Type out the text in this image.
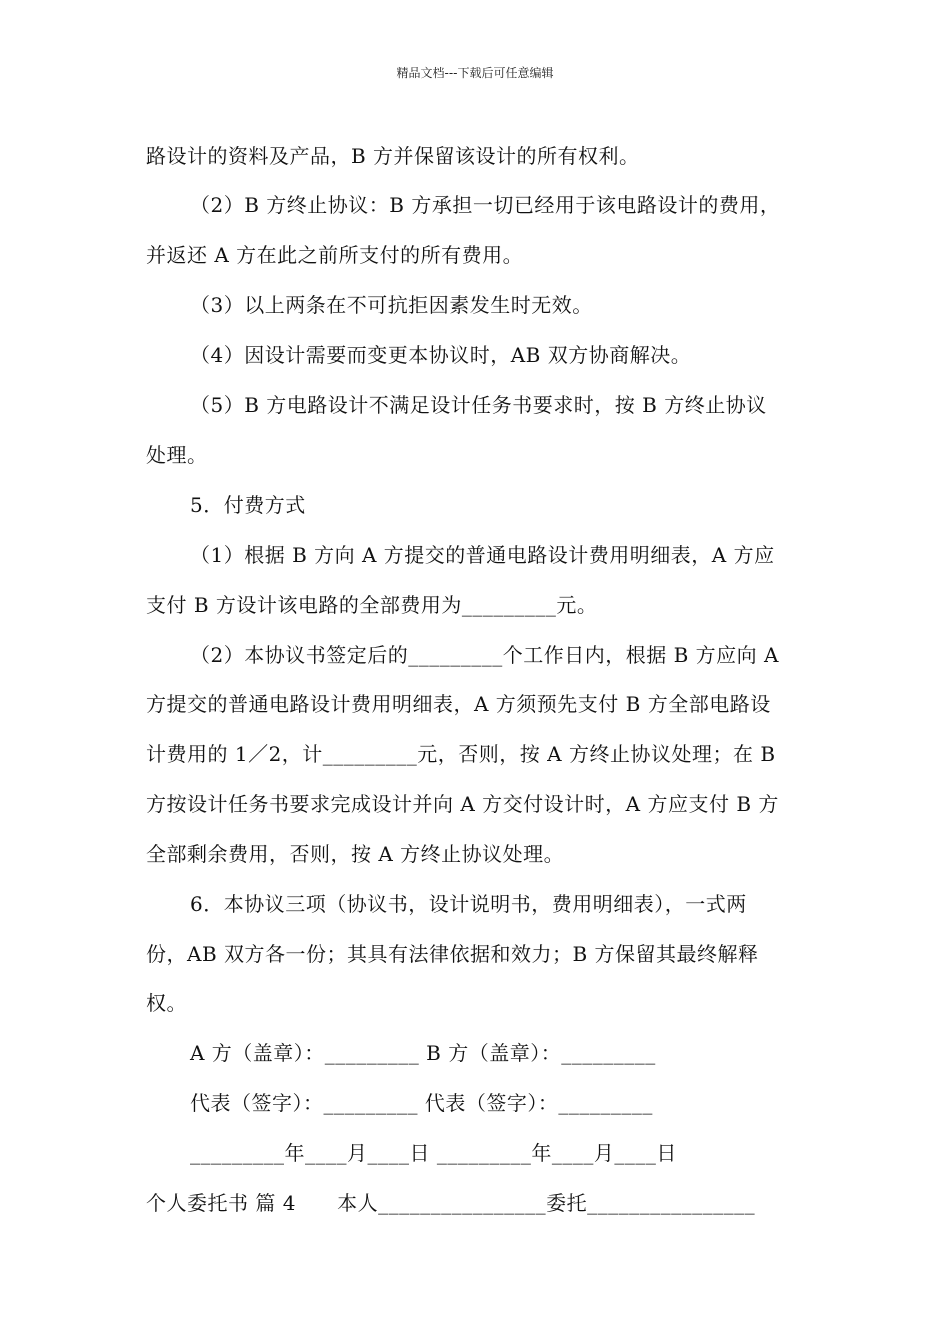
精品文档---下载后可任意编辑
路设计的资料及产品，B 方并保留该设计的所有权利。
（2）B 方终止协议：B 方承担一切已经用于该电路设计的费用，
并返还 A 方在此之前所支付的所有费用。
（3）以上两条在不可抗拒因素发生时无效。
（4）因设计需要而变更本协议时，AB 双方协商解决。
（5）B 方电路设计不满足设计任务书要求时，按 B 方终止协议
处理。
5．付费方式
（1）根据 B 方向 A 方提交的普通电路设计费用明细表，A 方应
支付 B 方设计该电路的全部费用为_________元。
（2）本协议书签定后的_________个工作日内，根据 B 方应向 A
方提交的普通电路设计费用明细表，A 方须预先支付 B 方全部电路设
计费用的 1／2，计_________元，否则，按 A 方终止协议处理；在 B
方按设计任务书要求完成设计并向 A 方交付设计时，A 方应支付 B 方
全部剩余费用，否则，按 A 方终止协议处理。
6．本协议三项（协议书，设计说明书，费用明细表），一式两
份，AB 双方各一份；其具有法律依据和效力；B 方保留其最终解释
权。
A 方（盖章）：_________ B 方（盖章）：_________
代表（签字）：_________ 代表（签字）：_________
_________年____月____日 _________年____月____日
个人委托书 篇 4      本人________________委托________________
